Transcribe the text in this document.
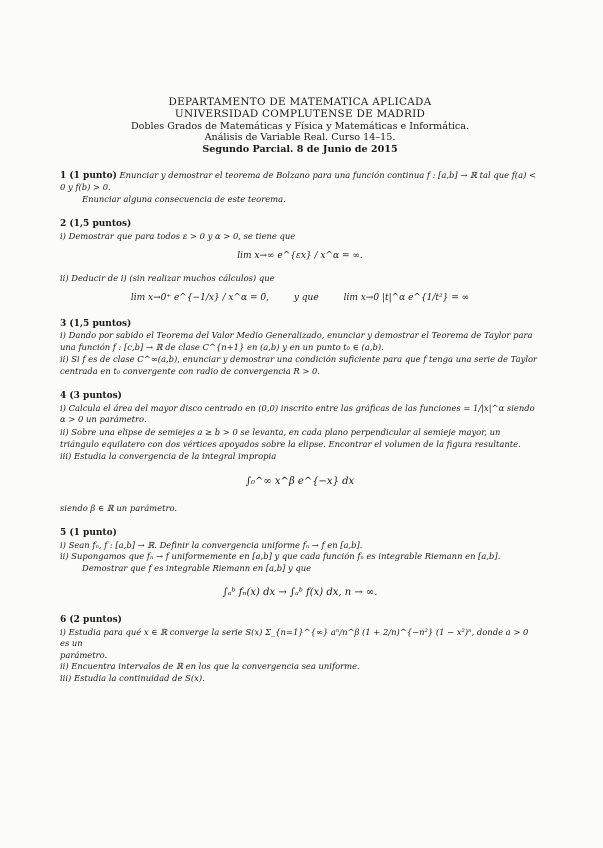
DEPARTAMENTO DE MATEMATICA APLICADA
UNIVERSIDAD COMPLUTENSE DE MADRID
Dobles Grados de Matemáticas y Física y Matemáticas e Informática.
Análisis de Variable Real. Curso 14–15.
Segundo Parcial. 8 de Junio de 2015
1 (1 punto) Enunciar y demostrar el teorema de Bolzano para una función continua f : [a,b] → ℝ tal que f(a) < 0 y f(b) > 0.
Enunciar alguna consecuencia de este teorema.
2 (1,5 puntos)
i) Demostrar que para todos ε > 0 y α > 0, se tiene que
lim x→∞ e^{εx} / x^α = ∞.
ii) Deducir de i) (sin realizar muchos cálculos) que
lim x→0⁺ e^{−1/x} / x^α = 0,	y que	lim x→0 |t|^α e^{1/t²} = ∞
3 (1,5 puntos)
i) Dando por sabido el Teorema del Valor Medio Generalizado, enunciar y demostrar el Teorema de Taylor para una función f : [c,b] → ℝ de clase C^{n+1} en (a,b) y en un punto t₀ ∈ (a,b).
ii) Si f es de clase C^∞(a,b), enunciar y demostrar una condición suficiente para que f tenga una serie de Taylor centrada en t₀ convergente con radio de convergencia R > 0.
4 (3 puntos)
i) Calcula el área del mayor disco centrado en (0,0) inscrito entre las gráficas de las funciones = 1/|x|^α siendo α > 0 un parámetro.
ii) Sobre una elipse de semiejes a ≥ b > 0 se levanta, en cada plano perpendicular al semieje mayor, un triángulo equilatero con dos vértices apoyados sobre la elipse. Encontrar el volumen de la figura resultante.
iii) Estudia la convergencia de la integral impropia
∫₀^∞ x^β e^{−x} dx
siendo β ∈ ℝ un parámetro.
5 (1 punto)
i) Sean fₙ, f : [a,b] → ℝ. Definir la convergencia uniforme fₙ → f en [a,b].
ii) Supongamos que fₙ → f uniformemente en [a,b] y que cada función fₙ es integrable Riemann en [a,b].
Demostrar que f es integrable Riemann en [a,b] y que
∫ₐᵇ fₙ(x) dx → ∫ₐᵇ f(x) dx, n → ∞.
6 (2 puntos)
i) Estudia para qué x ∈ ℝ converge la serie S(x) Σ_{n=1}^{∞} aⁿ/n^β (1 + 2/n)^{−n²} (1 − x²)ⁿ, donde a > 0 es un
parámetro.
ii) Encuentra intervalos de ℝ en los que la convergencia sea uniforme.
iii) Estudia la continuidad de S(x).
